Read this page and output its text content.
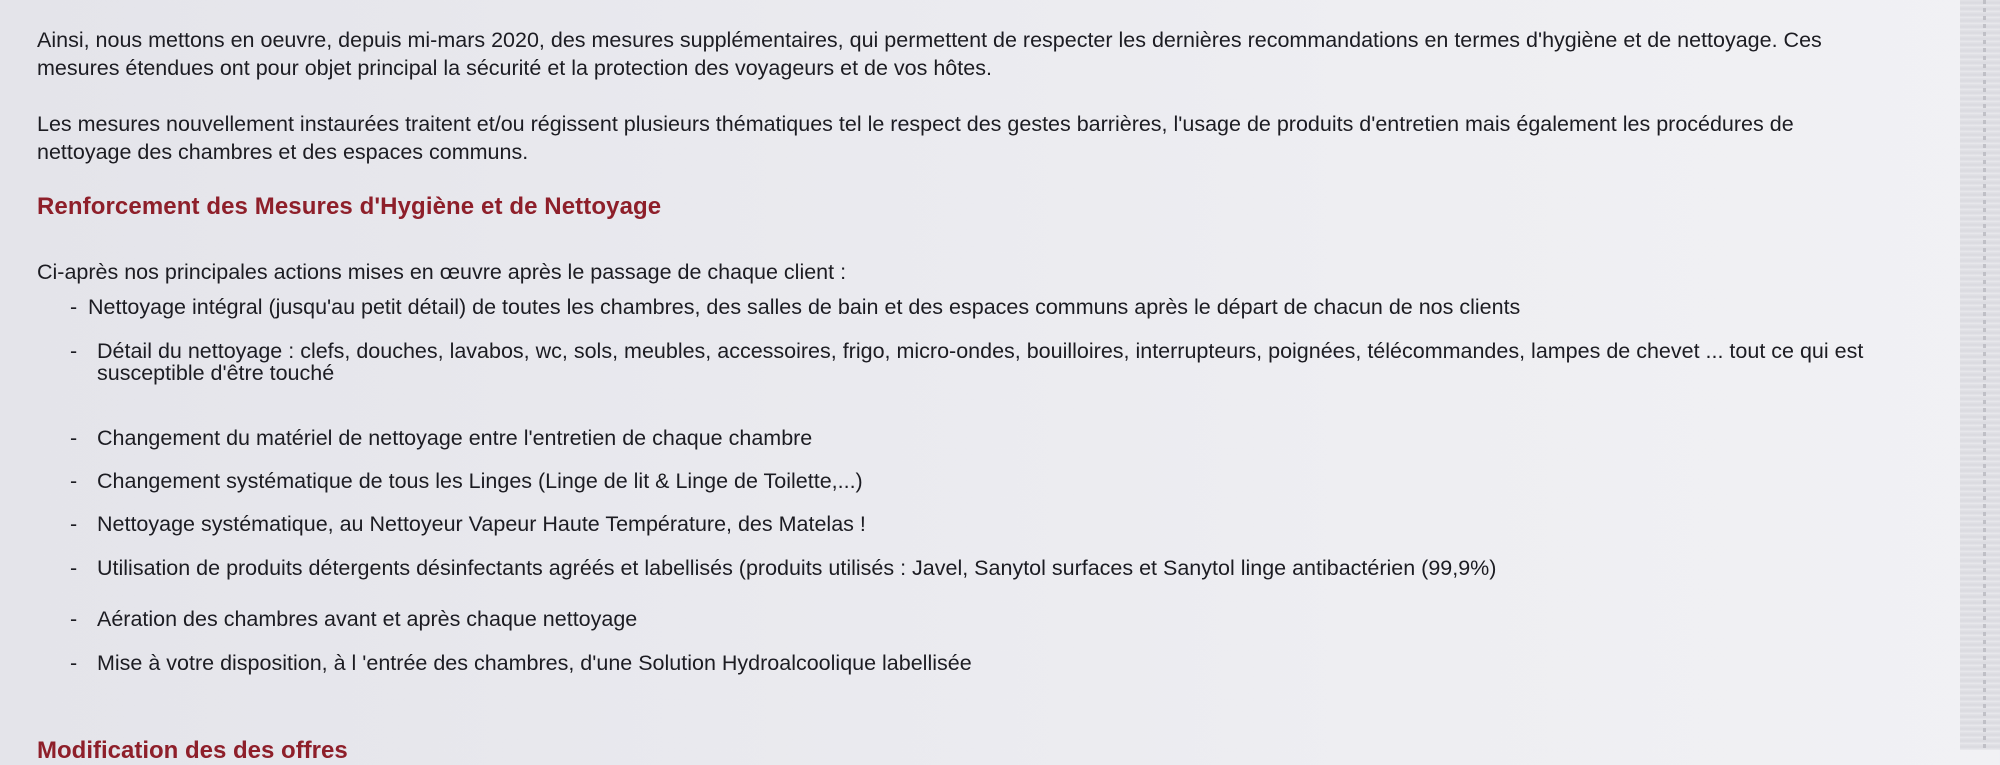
Ainsi, nous mettons en oeuvre, depuis mi-mars 2020, des mesures supplémentaires, qui permettent de respecter les dernières recommandations en termes d'hygiène et de nettoyage. Ces mesures étendues ont pour objet principal la sécurité et la protection des voyageurs et de vos hôtes.

Les mesures nouvellement instaurées traitent et/ou régissent plusieurs thématiques tel le respect des gestes barrières, l'usage de produits d'entretien mais également les procédures de nettoyage des chambres et des espaces communs.

Renforcement des Mesures d'Hygiène et de Nettoyage

Ci-après nos principales actions mises en œuvre après le passage de chaque client :

- Nettoyage intégral (jusqu'au petit détail) de toutes les chambres, des salles de bain et des espaces communs après le départ de chacun de nos clients
- Détail du nettoyage : clefs, douches, lavabos, wc, sols, meubles, accessoires, frigo, micro-ondes, bouilloires, interrupteurs, poignées, télécommandes, lampes de chevet ... tout ce qui est susceptible d'être touché
- Changement du matériel de nettoyage entre l'entretien de chaque chambre
- Changement systématique de tous les Linges (Linge de lit & Linge de Toilette,...)
- Nettoyage systématique, au Nettoyeur Vapeur Haute Température, des Matelas !
- Utilisation de produits détergents désinfectants agréés et labellisés (produits utilisés : Javel, Sanytol surfaces et Sanytol linge antibactérien (99,9%)
- Aération des chambres avant et après chaque nettoyage
- Mise à votre disposition, à l 'entrée des chambres, d'une Solution Hydroalcoolique labellisée
Modification des des offres
